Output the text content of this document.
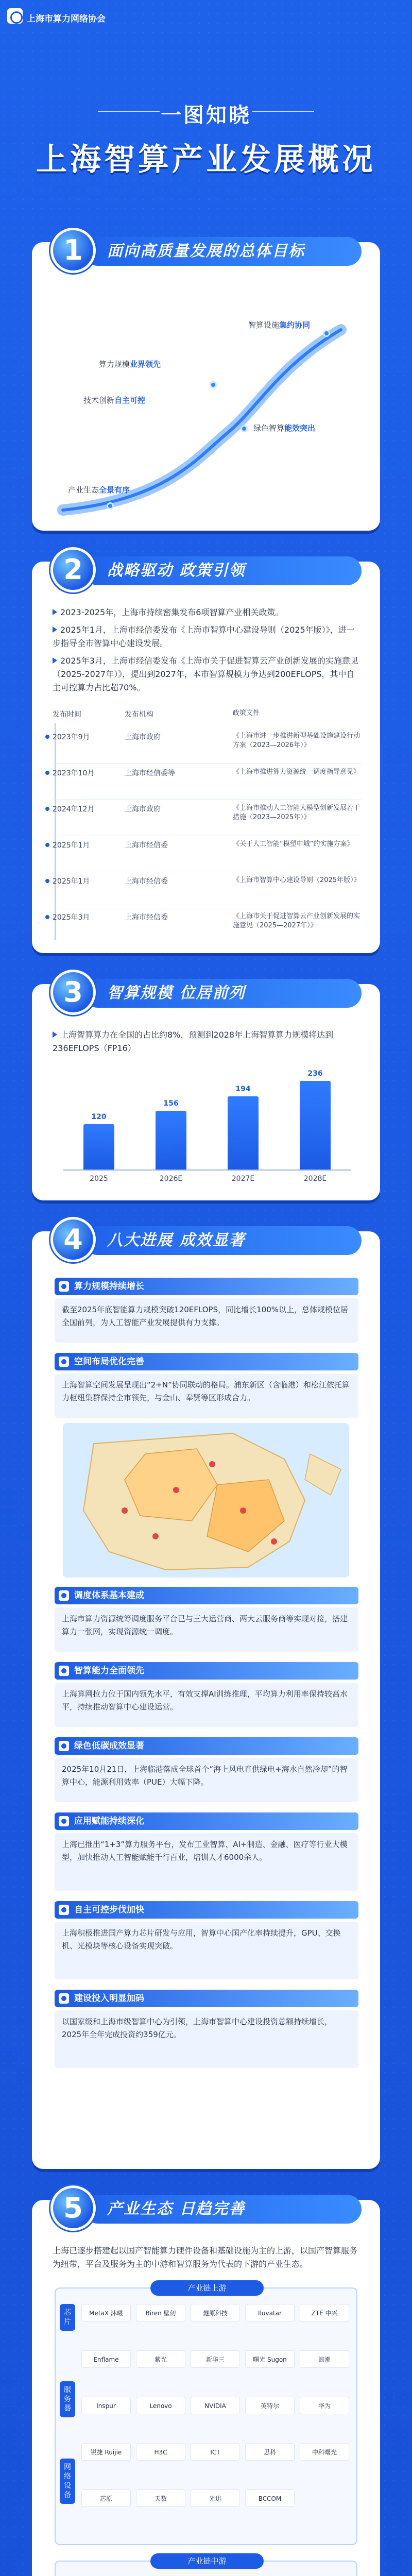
上海市算力网络协会
一图知晓
上海智算产业发展概况
面向高质量发展的总体目标
1
智算设施集约协同
算力规模业界领先
技术创新自主可控
绿色智算能效突出
产业生态全景有序
战略驱动 政策引领
2
2023-2025年，上海市持续密集发布6项智算产业相关政策。
2025年1月，上海市经信委发布《上海市智算中心建设导则（2025年版）》，进一步指导全市智算中心建设发展。
2025年3月，上海市经信委发布《上海市关于促进智算云产业创新发展的实施意见（2025-2027年）》，提出到2027年，本市智算规模力争达到200EFLOPS，其中自主可控算力占比超70%。
发布时间	发布机构	政策文件
2023年9月	上海市政府	《上海市进一步推进新型基础设施建设行动方案（2023—2026年）》
2023年10月	上海市经信委等	《上海市推进算力资源统一调度指导意见》
2024年12月	上海市政府	《上海市推动人工智能大模型创新发展若干措施（2023—2025年）》
2025年1月	上海市经信委	《关于人工智能“模塑申城”的实施方案》
2025年1月	上海市经信委	《上海市智算中心建设导则（2025年版）》
2025年3月	上海市经信委	《上海市关于促进智算云产业创新发展的实施意见（2025—2027年）》
智算规模 位居前列
3
上海智算算力在全国的占比约8%，预测到2028年上海智算算力规模将达到236EFLOPS（FP16）
120
2025
156
2026E
194
2027E
236
2028E
八大进展 成效显著
4
算力规模持续增长
截至2025年底智能算力规模突破120EFLOPS，同比增长100%以上，总体规模位居全国前列，为人工智能产业发展提供有力支撑。
空间布局优化完善
上海智算空间发展呈现出“2+N”协同联动的格局。浦东新区（含临港）和松江依托算力枢纽集群保持全市领先，与金山、奉贤等区形成合力。
调度体系基本建成
上海市算力资源统筹调度服务平台已与三大运营商、两大云服务商等实现对接，搭建算力一张网，实现资源统一调度。
智算能力全面领先
上海算网拉力位于国内领先水平，有效支撑AI训练推理，平均算力利用率保持较高水平，持续推动智算中心建设运营。
绿色低碳成效显著
2025年10月21日，上海临港落成全球首个“海上风电直供绿电+海水自然冷却”的智算中心，能源利用效率（PUE）大幅下降。
应用赋能持续深化
上海已推出“1+3”算力服务平台，发布工业智算、AI+制造、金融、医疗等行业大模型，加快推动人工智能赋能千行百业，培训人才6000余人。
自主可控步伐加快
上海积极推进国产算力芯片研发与应用，智算中心国产化率持续提升，GPU、交换机、光模块等核心设备实现突破。
建设投入明显加码
以国家级和上海市级智算中心为引领，上海市智算中心建设投资总额持续增长，2025年全年完成投资约359亿元。
产业生态 日趋完善
5
上海已逐步搭建起以国产智能算力硬件设备和基础设施为主的上游，以国产智算服务为纽带，平台及服务为主的中游和智算服务为代表的下游的产业生态。
产业链上游
芯
片
服
务
器
网
络
设
备
MetaX 沐曦	Biren 壁仞	燧原科技	Iluvatar	ZTE 中兴
Enflame	紫光	新华三	曙光 Sugon	浪潮
Inspur	Lenovo	NVIDIA	英特尔	华为
锐捷 Ruijie	H3C	ICT	思科	中科曙光
芯原	天数	光迅	BCCOM
产业链中游
